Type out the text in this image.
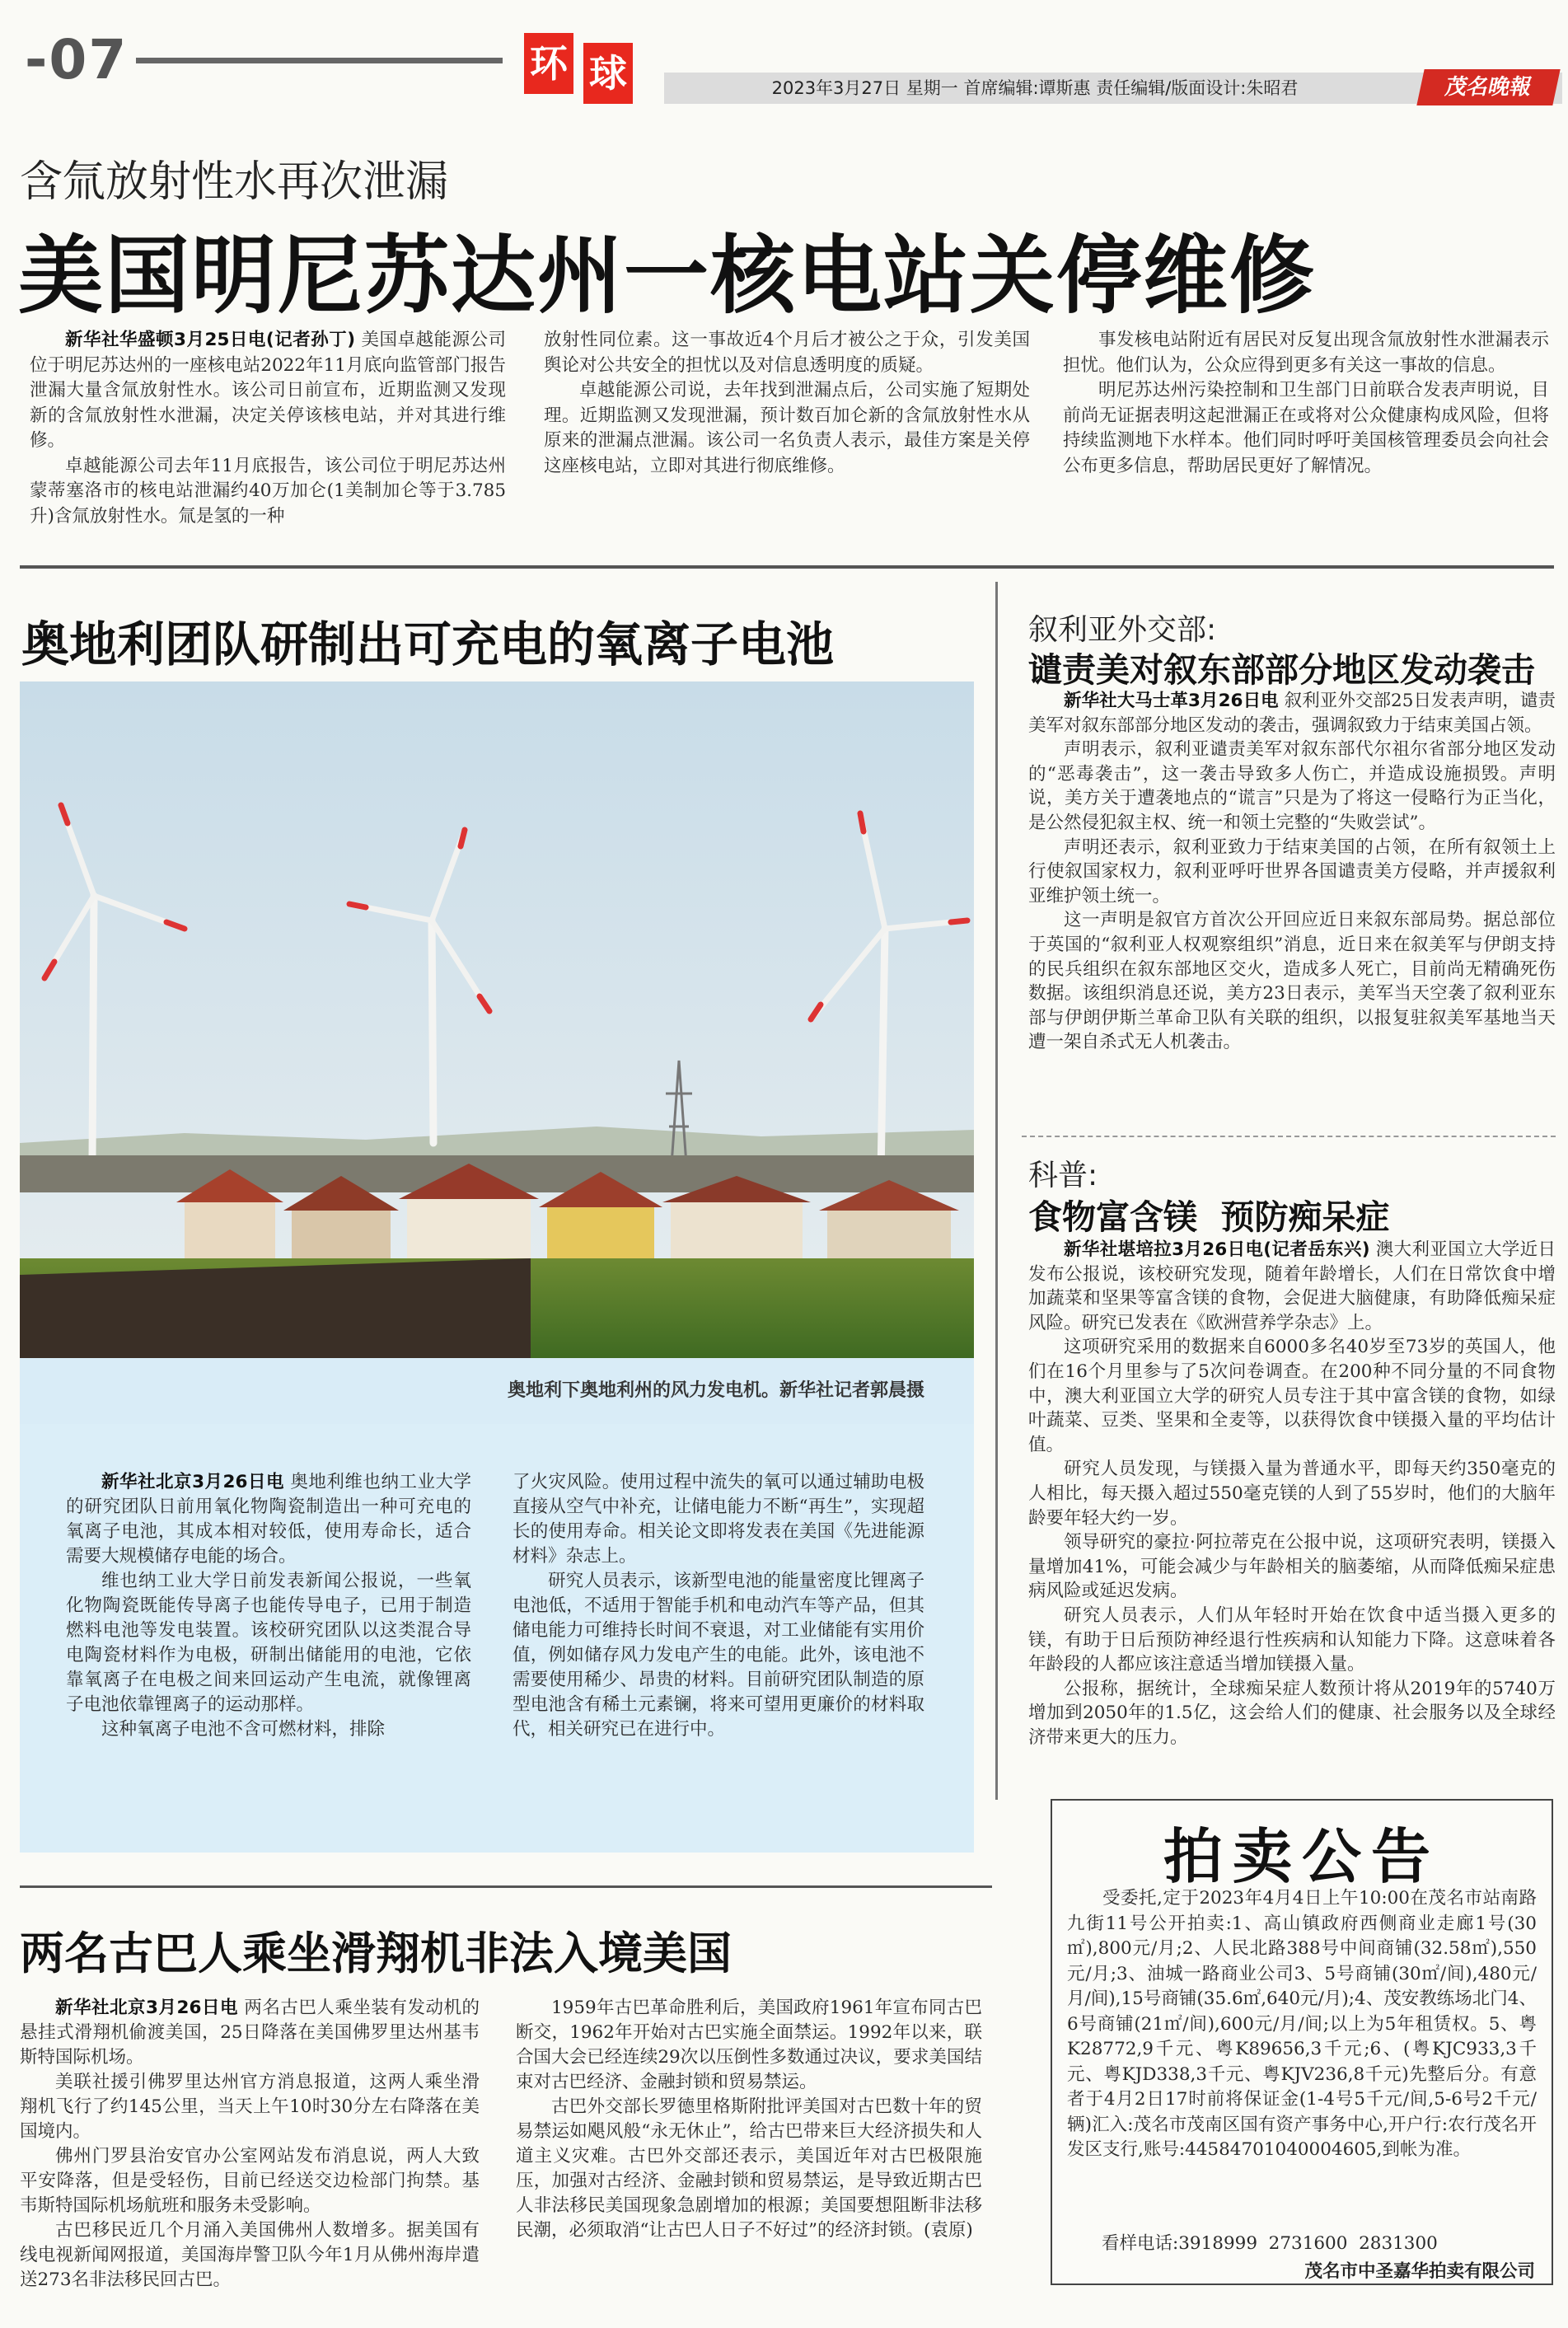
-07	环 球	2023年3月27日 星期一 首席编辑:谭斯惠 责任编辑/版面设计:朱昭君	茂名晚報
含氚放射性水再次泄漏
美国明尼苏达州一核电站关停维修

新华社华盛顿3月25日电(记者孙丁) 美国卓越能源公司位于明尼苏达州的一座核电站2022年11月底向监管部门报告泄漏大量含氚放射性水。该公司日前宣布，近期监测又发现新的含氚放射性水泄漏，决定关停该核电站，并对其进行维修。

卓越能源公司去年11月底报告，该公司位于明尼苏达州蒙蒂塞洛市的核电站泄漏约40万加仑(1美制加仑等于3.785升)含氚放射性水。氚是氢的一种

放射性同位素。这一事故近4个月后才被公之于众，引发美国舆论对公共安全的担忧以及对信息透明度的质疑。

卓越能源公司说，去年找到泄漏点后，公司实施了短期处理。近期监测又发现泄漏，预计数百加仑新的含氚放射性水从原来的泄漏点泄漏。该公司一名负责人表示，最佳方案是关停这座核电站，立即对其进行彻底维修。

事发核电站附近有居民对反复出现含氚放射性水泄漏表示担忧。他们认为，公众应得到更多有关这一事故的信息。

明尼苏达州污染控制和卫生部门日前联合发表声明说，目前尚无证据表明这起泄漏正在或将对公众健康构成风险，但将持续监测地下水样本。他们同时呼吁美国核管理委员会向社会公布更多信息，帮助居民更好了解情况。

奥地利团队研制出可充电的氧离子电池
奥地利下奥地利州的风力发电机。新华社记者郭晨摄

新华社北京3月26日电 奥地利维也纳工业大学的研究团队日前用氧化物陶瓷制造出一种可充电的氧离子电池，其成本相对较低，使用寿命长，适合需要大规模储存电能的场合。

维也纳工业大学日前发表新闻公报说，一些氧化物陶瓷既能传导离子也能传导电子，已用于制造燃料电池等发电装置。该校研究团队以这类混合导电陶瓷材料作为电极，研制出储能用的电池，它依靠氧离子在电极之间来回运动产生电流，就像锂离子电池依靠锂离子的运动那样。

这种氧离子电池不含可燃材料，排除

了火灾风险。使用过程中流失的氧可以通过辅助电极直接从空气中补充，让储电能力不断“再生”，实现超长的使用寿命。相关论文即将发表在美国《先进能源材料》杂志上。

研究人员表示，该新型电池的能量密度比锂离子电池低，不适用于智能手机和电动汽车等产品，但其储电能力可维持长时间不衰退，对工业储能有实用价值，例如储存风力发电产生的电能。此外，该电池不需要使用稀少、昂贵的材料。目前研究团队制造的原型电池含有稀土元素镧，将来可望用更廉价的材料取代，相关研究已在进行中。

叙利亚外交部:
谴责美对叙东部部分地区发动袭击

新华社大马士革3月26日电 叙利亚外交部25日发表声明，谴责美军对叙东部部分地区发动的袭击，强调叙致力于结束美国占领。

声明表示，叙利亚谴责美军对叙东部代尔祖尔省部分地区发动的“恶毒袭击”，这一袭击导致多人伤亡，并造成设施损毁。声明说，美方关于遭袭地点的“谎言”只是为了将这一侵略行为正当化，是公然侵犯叙主权、统一和领土完整的“失败尝试”。

声明还表示，叙利亚致力于结束美国的占领，在所有叙领土上行使叙国家权力，叙利亚呼吁世界各国谴责美方侵略，并声援叙利亚维护领土统一。

这一声明是叙官方首次公开回应近日来叙东部局势。据总部位于英国的“叙利亚人权观察组织”消息，近日来在叙美军与伊朗支持的民兵组织在叙东部地区交火，造成多人死亡，目前尚无精确死伤数据。该组织消息还说，美方23日表示，美军当天空袭了叙利亚东部与伊朗伊斯兰革命卫队有关联的组织，以报复驻叙美军基地当天遭一架自杀式无人机袭击。

科普:
食物富含镁  预防痴呆症

新华社堪培拉3月26日电(记者岳东兴) 澳大利亚国立大学近日发布公报说，该校研究发现，随着年龄增长，人们在日常饮食中增加蔬菜和坚果等富含镁的食物，会促进大脑健康，有助降低痴呆症风险。研究已发表在《欧洲营养学杂志》上。

这项研究采用的数据来自6000多名40岁至73岁的英国人，他们在16个月里参与了5次问卷调查。在200种不同分量的不同食物中，澳大利亚国立大学的研究人员专注于其中富含镁的食物，如绿叶蔬菜、豆类、坚果和全麦等，以获得饮食中镁摄入量的平均估计值。

研究人员发现，与镁摄入量为普通水平，即每天约350毫克的人相比，每天摄入超过550毫克镁的人到了55岁时，他们的大脑年龄要年轻大约一岁。

领导研究的豪拉·阿拉蒂克在公报中说，这项研究表明，镁摄入量增加41%，可能会减少与年龄相关的脑萎缩，从而降低痴呆症患病风险或延迟发病。

研究人员表示，人们从年轻时开始在饮食中适当摄入更多的镁，有助于日后预防神经退行性疾病和认知能力下降。这意味着各年龄段的人都应该注意适当增加镁摄入量。

公报称，据统计，全球痴呆症人数预计将从2019年的5740万增加到2050年的1.5亿，这会给人们的健康、社会服务以及全球经济带来更大的压力。

拍卖公告
受委托,定于2023年4月4日上午10:00在茂名市站南路九街11号公开拍卖:1、高山镇政府西侧商业走廊1号(30㎡),800元/月;2、人民北路388号中间商铺(32.58㎡),550元/月;3、油城一路商业公司3、5号商铺(30㎡/间),480元/月/间),15号商铺(35.6㎡,640元/月);4、茂安教练场北门4、6号商铺(21㎡/间),600元/月/间;以上为5年租赁权。5、粤K28772,9千元、粤K89656,3千元;6、(粤KJC933,3千元、粤KJD338,3千元、粤KJV236,8千元)先整后分。有意者于4月2日17时前将保证金(1-4号5千元/间,5-6号2千元/辆)汇入:茂名市茂南区国有资产事务中心,开户行:农行茂名开发区支行,账号:44584701040004605,到帐为准。
看样电话:3918999  2731600  2831300
茂名市中圣嘉华拍卖有限公司
两名古巴人乘坐滑翔机非法入境美国

新华社北京3月26日电 两名古巴人乘坐装有发动机的悬挂式滑翔机偷渡美国，25日降落在美国佛罗里达州基韦斯特国际机场。

美联社援引佛罗里达州官方消息报道，这两人乘坐滑翔机飞行了约145公里，当天上午10时30分左右降落在美国境内。

佛州门罗县治安官办公室网站发布消息说，两人大致平安降落，但是受轻伤，目前已经送交边检部门拘禁。基韦斯特国际机场航班和服务未受影响。

古巴移民近几个月涌入美国佛州人数增多。据美国有线电视新闻网报道，美国海岸警卫队今年1月从佛州海岸遣送273名非法移民回古巴。

1959年古巴革命胜利后，美国政府1961年宣布同古巴断交，1962年开始对古巴实施全面禁运。1992年以来，联合国大会已经连续29次以压倒性多数通过决议，要求美国结束对古巴经济、金融封锁和贸易禁运。

古巴外交部长罗德里格斯附批评美国对古巴数十年的贸易禁运如飓风般“永无休止”，给古巴带来巨大经济损失和人道主义灾难。古巴外交部还表示，美国近年对古巴极限施压，加强对古经济、金融封锁和贸易禁运，是导致近期古巴人非法移民美国现象急剧增加的根源；美国要想阻断非法移民潮，必须取消“让古巴人日子不好过”的经济封锁。(袁原)
